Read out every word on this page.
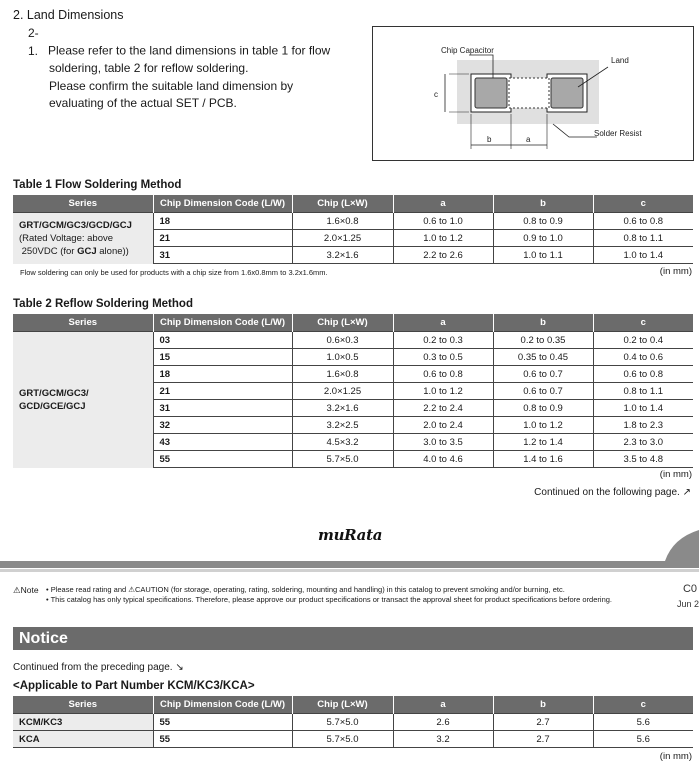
2. Land Dimensions
2-1. Please refer to the land dimensions in table 1 for flow
soldering, table 2 for reflow soldering.
Please confirm the suitable land dimension by
evaluating of the actual SET / PCB.
Chip Capacitor
Land
Solder Resist
c
b	a
Table 1 Flow Soldering Method
Series	Chip Dimension Code (L/W)	Chip (L×W)	a	b	c
GRT/GCM/GC3/GCD/GCJ
(Rated Voltage: above
250VDC (for GCJ alone))	18	1.6×0.8	0.6 to 1.0	0.8 to 0.9	0.6 to 0.8
	21	2.0×1.25	1.0 to 1.2	0.9 to 1.0	0.8 to 1.1
	31	3.2×1.6	2.2 to 2.6	1.0 to 1.1	1.0 to 1.4
Flow soldering can only be used for products with a chip size from 1.6x0.8mm to 3.2x1.6mm.	(in mm)
Table 2 Reflow Soldering Method
Series	Chip Dimension Code (L/W)	Chip (L×W)	a	b	c
GRT/GCM/GC3/
GCD/GCE/GCJ	03	0.6×0.3	0.2 to 0.3	0.2 to 0.35	0.2 to 0.4
	15	1.0×0.5	0.3 to 0.5	0.35 to 0.45	0.4 to 0.6
	18	1.6×0.8	0.6 to 0.8	0.6 to 0.7	0.6 to 0.8
	21	2.0×1.25	1.0 to 1.2	0.6 to 0.7	0.8 to 1.1
	31	3.2×1.6	2.2 to 2.4	0.8 to 0.9	1.0 to 1.4
	32	3.2×2.5	2.0 to 2.4	1.0 to 1.2	1.8 to 2.3
	43	4.5×3.2	3.0 to 3.5	1.2 to 1.4	2.3 to 3.0
	55	5.7×5.0	4.0 to 4.6	1.4 to 1.6	3.5 to 4.8
(in mm)
Continued on the following page. ↗
muRata
⚠Note • Please read rating and ⚠CAUTION (for storage, operating, rating, soldering, mounting and handling) in this catalog to prevent smoking and/or burning, etc.
• This catalog has only typical specifications. Therefore, please approve our product specifications or transact the approval sheet for product specifications before ordering.
C0
Jun 2
Notice
Continued from the preceding page. ↘
<Applicable to Part Number KCM/KC3/KCA>
Series	Chip Dimension Code (L/W)	Chip (L×W)	a	b	c
KCM/KC3	55	5.7×5.0	2.6	2.7	5.6
KCA	55	5.7×5.0	3.2	2.7	5.6
(in mm)
